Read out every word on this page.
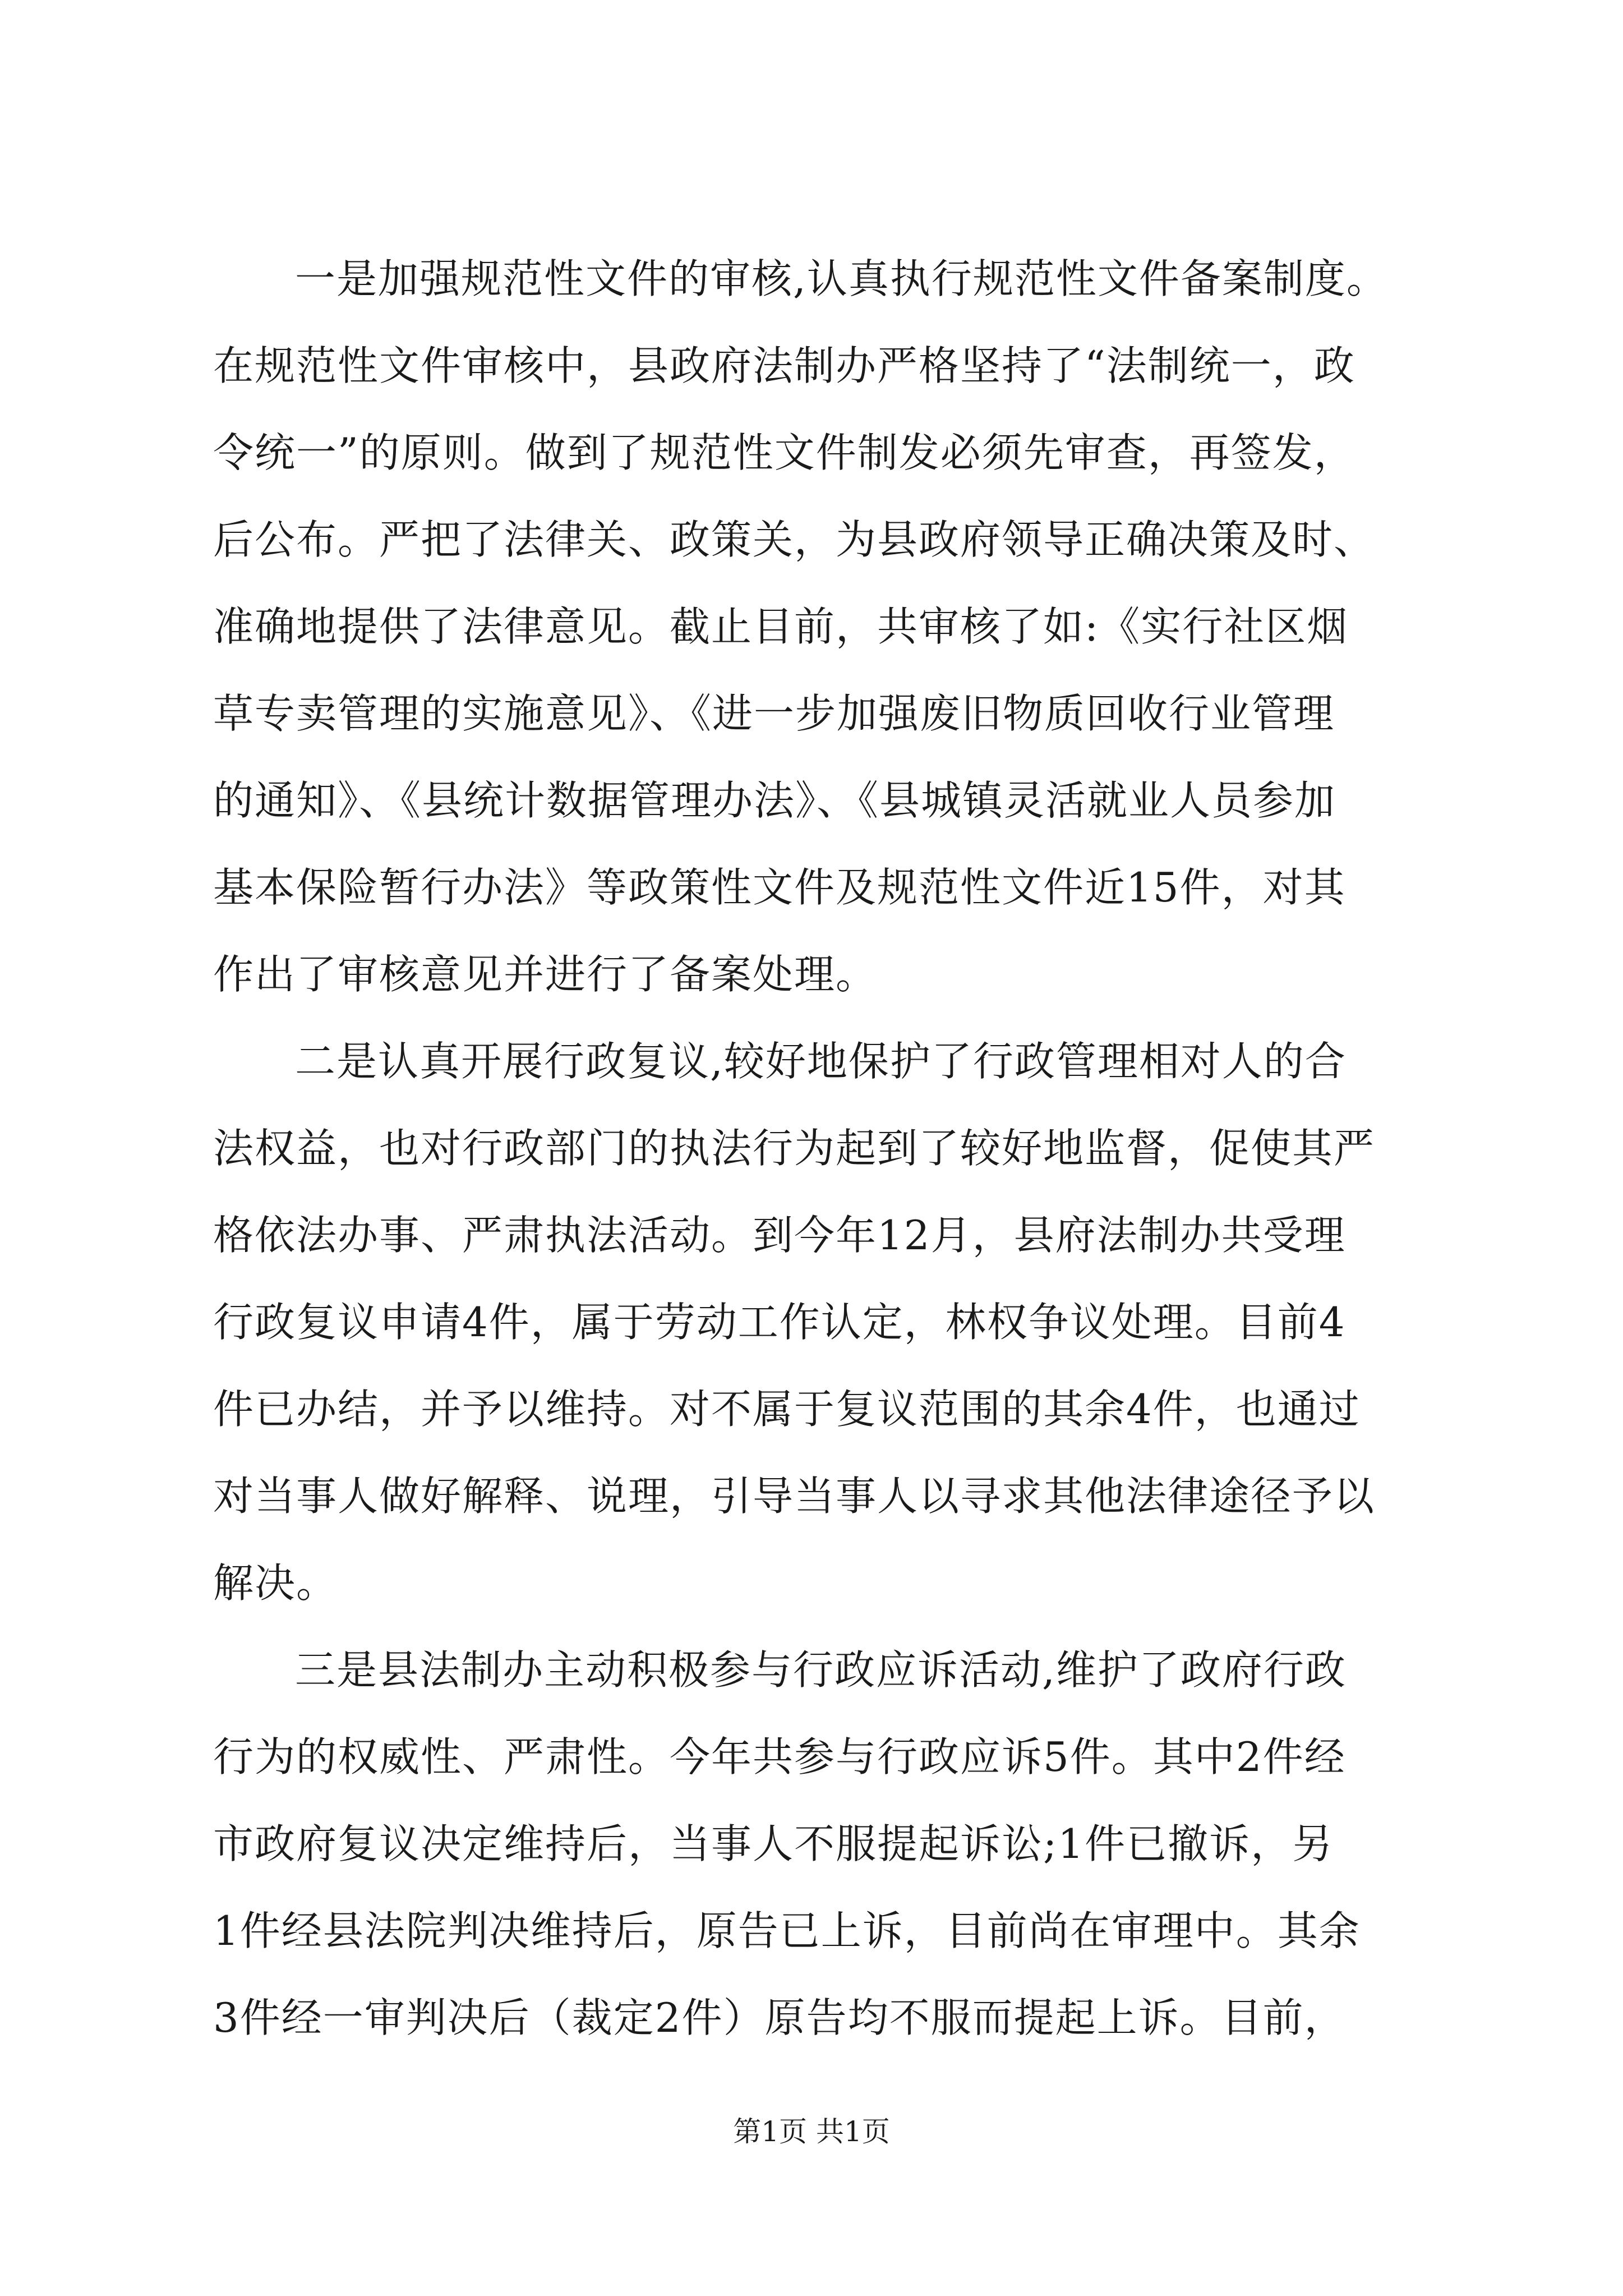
一是加强规范性文件的审核,认真执行规范性文件备案制度。
在规范性文件审核中，县政府法制办严格坚持了“法制统一，政
令统一”的原则。做到了规范性文件制发必须先审查，再签发，
后公布。严把了法律关、政策关，为县政府领导正确决策及时、
准确地提供了法律意见。截止目前，共审核了如:《实行社区烟
草专卖管理的实施意见》、《进一步加强废旧物质回收行业管理
的通知》、《县统计数据管理办法》、《县城镇灵活就业人员参加
基本保险暂行办法》等政策性文件及规范性文件近15件，对其
作出了审核意见并进行了备案处理。
二是认真开展行政复议,较好地保护了行政管理相对人的合
法权益，也对行政部门的执法行为起到了较好地监督，促使其严
格依法办事、严肃执法活动。到今年12月，县府法制办共受理
行政复议申请4件，属于劳动工作认定，林权争议处理。目前4
件已办结，并予以维持。对不属于复议范围的其余4件，也通过
对当事人做好解释、说理，引导当事人以寻求其他法律途径予以
解决。
三是县法制办主动积极参与行政应诉活动,维护了政府行政
行为的权威性、严肃性。今年共参与行政应诉5件。其中2件经
市政府复议决定维持后，当事人不服提起诉讼;1件已撤诉，另
1件经县法院判决维持后，原告已上诉，目前尚在审理中。其余
3件经一审判决后（裁定2件）原告均不服而提起上诉。目前，
第1页 共1页
